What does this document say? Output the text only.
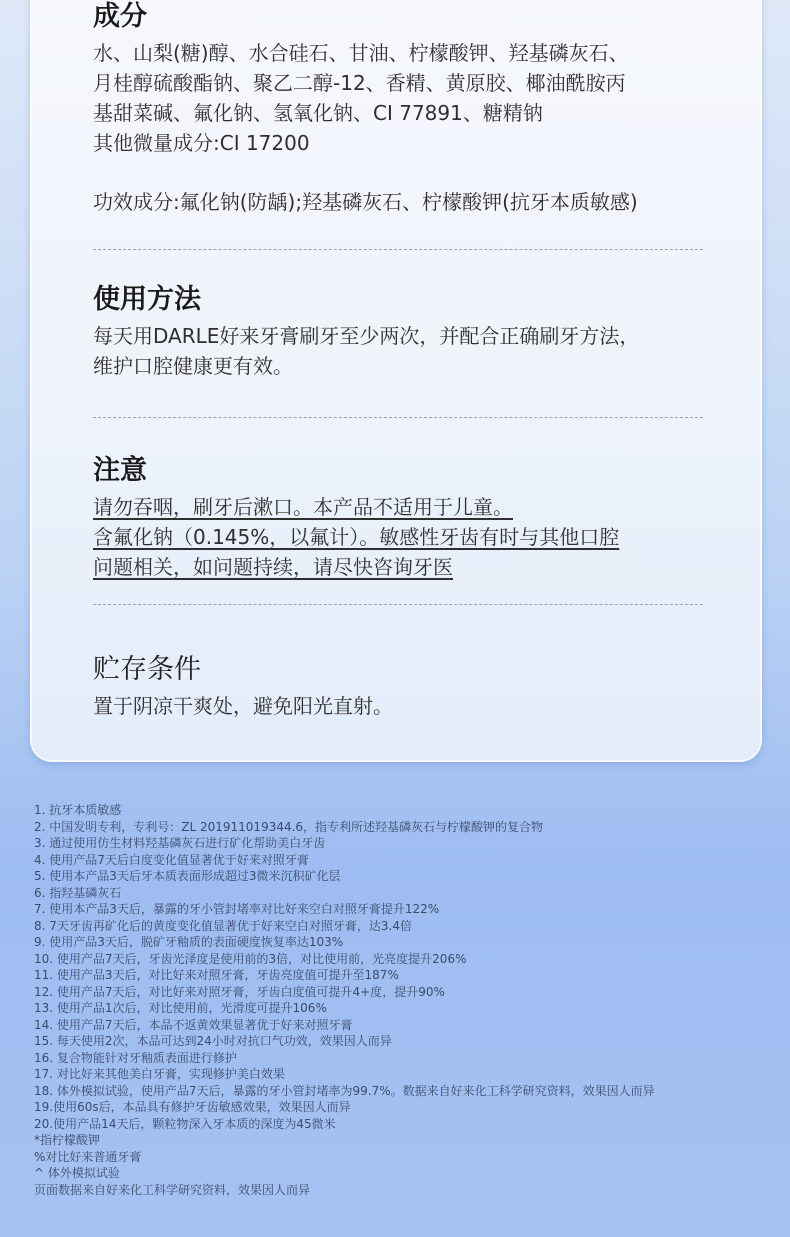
成分
水、山梨(糖)醇、水合硅石、甘油、柠檬酸钾、羟基磷灰石、
月桂醇硫酸酯钠、聚乙二醇-12、香精、黄原胶、椰油酰胺丙
基甜菜碱、氟化钠、氢氧化钠、CI 77891、糖精钠
其他微量成分:CI 17200
功效成分:氟化钠(防龋);羟基磷灰石、柠檬酸钾(抗牙本质敏感)
使用方法
每天用DARLE好来牙膏刷牙至少两次，并配合正确刷牙方法，
维护口腔健康更有效。
注意
请勿吞咽，刷牙后漱口。本产品不适用于儿童。
含氟化钠（0.145%，以氟计）。敏感性牙齿有时与其他口腔
问题相关，如问题持续，请尽快咨询牙医
贮存条件
置于阴凉干爽处，避免阳光直射。
1. 抗牙本质敏感
2. 中国发明专利，专利号：ZL 201911019344.6，指专利所述羟基磷灰石与柠檬酸钾的复合物
3. 通过使用仿生材料羟基磷灰石进行矿化帮助美白牙齿
4. 使用产品7天后白度变化值显著优于好来对照牙膏
5. 使用本产品3天后牙本质表面形成超过3微米沉积矿化层
6. 指羟基磷灰石
7. 使用本产品3天后，暴露的牙小管封堵率对比好来空白对照牙膏提升122%
8. 7天牙齿再矿化后的黄度变化值显著优于好来空白对照牙膏，达3.4倍
9. 使用产品3天后，脱矿牙釉质的表面硬度恢复率达103%
10. 使用产品7天后，牙齿光泽度是使用前的3倍，对比使用前，光亮度提升206%
11. 使用产品3天后，对比好来对照牙膏，牙齿亮度值可提升至187%
12. 使用产品7天后，对比好来对照牙膏，牙齿白度值可提升4+度，提升90%
13. 使用产品1次后，对比使用前，光滑度可提升106%
14. 使用产品7天后，本品不返黄效果显著优于好来对照牙膏
15. 每天使用2次，本品可达到24小时对抗口气功效，效果因人而异
16. 复合物能针对牙釉质表面进行修护
17. 对比好来其他美白牙膏，实现修护美白效果
18. 体外模拟试验，使用产品7天后，暴露的牙小管封堵率为99.7%。数据来自好来化工科学研究资料，效果因人而异
19.使用60s后，本品具有修护牙齿敏感效果，效果因人而异
20.使用产品14天后，颗粒物深入牙本质的深度为45微米
*指柠檬酸钾
%对比好来普通牙膏
^ 体外模拟试验
页面数据来自好来化工科学研究资料，效果因人而异
